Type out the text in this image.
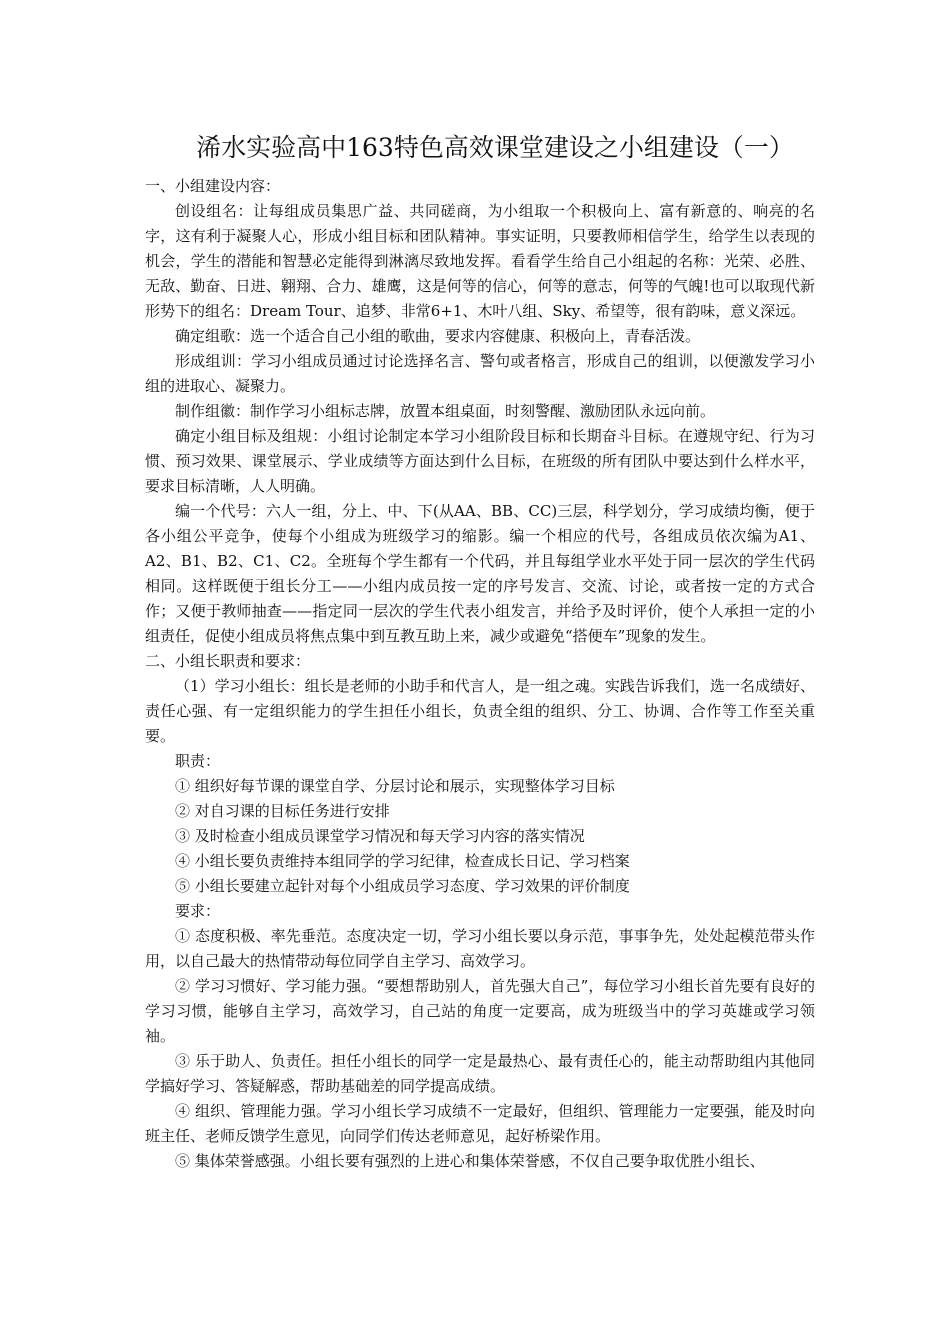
浠水实验高中163特色高效课堂建设之小组建设（一）

一、小组建设内容：

创设组名：让每组成员集思广益、共同磋商，为小组取一个积极向上、富有新意的、响亮的名字，这有利于凝聚人心，形成小组目标和团队精神。事实证明，只要教师相信学生，给学生以表现的机会，学生的潜能和智慧必定能得到淋漓尽致地发挥。看看学生给自己小组起的名称：光荣、必胜、无敌、勤奋、日进、翱翔、合力、雄鹰，这是何等的信心，何等的意志，何等的气魄!也可以取现代新形势下的组名：Dream Tour、追梦、非常6+1、木叶八组、Sky、希望等，很有韵味，意义深远。

确定组歌：选一个适合自己小组的歌曲，要求内容健康、积极向上，青春活泼。

形成组训：学习小组成员通过讨论选择名言、警句或者格言，形成自己的组训，以便激发学习小组的进取心、凝聚力。

制作组徽：制作学习小组标志牌，放置本组桌面，时刻警醒、激励团队永远向前。

确定小组目标及组规：小组讨论制定本学习小组阶段目标和长期奋斗目标。在遵规守纪、行为习惯、预习效果、课堂展示、学业成绩等方面达到什么目标，在班级的所有团队中要达到什么样水平，要求目标清晰，人人明确。

编一个代号：六人一组，分上、中、下(从AA、BB、CC)三层，科学划分，学习成绩均衡，便于各小组公平竞争，使每个小组成为班级学习的缩影。编一个相应的代号，各组成员依次编为A1、A2、B1、B2、C1、C2。全班每个学生都有一个代码，并且每组学业水平处于同一层次的学生代码相同。这样既便于组长分工——小组内成员按一定的序号发言、交流、讨论，或者按一定的方式合作；又便于教师抽查——指定同一层次的学生代表小组发言，并给予及时评价，使个人承担一定的小组责任，促使小组成员将焦点集中到互教互助上来，减少或避免“搭便车”现象的发生。

二、小组长职责和要求：

（1）学习小组长：组长是老师的小助手和代言人，是一组之魂。实践告诉我们，选一名成绩好、责任心强、有一定组织能力的学生担任小组长，负责全组的组织、分工、协调、合作等工作至关重要。

职责：

① 组织好每节课的课堂自学、分层讨论和展示，实现整体学习目标

② 对自习课的目标任务进行安排

③ 及时检查小组成员课堂学习情况和每天学习内容的落实情况

④ 小组长要负责维持本组同学的学习纪律，检查成长日记、学习档案

⑤ 小组长要建立起针对每个小组成员学习态度、学习效果的评价制度

要求：

① 态度积极、率先垂范。态度决定一切，学习小组长要以身示范，事事争先，处处起模范带头作用，以自己最大的热情带动每位同学自主学习、高效学习。

② 学习习惯好、学习能力强。“要想帮助别人，首先强大自己”，每位学习小组长首先要有良好的学习习惯，能够自主学习，高效学习，自己站的角度一定要高，成为班级当中的学习英雄或学习领袖。

③ 乐于助人、负责任。担任小组长的同学一定是最热心、最有责任心的，能主动帮助组内其他同学搞好学习、答疑解惑，帮助基础差的同学提高成绩。

④ 组织、管理能力强。学习小组长学习成绩不一定最好，但组织、管理能力一定要强，能及时向班主任、老师反馈学生意见，向同学们传达老师意见，起好桥梁作用。

⑤ 集体荣誉感强。小组长要有强烈的上进心和集体荣誉感，不仅自己要争取优胜小组长、
